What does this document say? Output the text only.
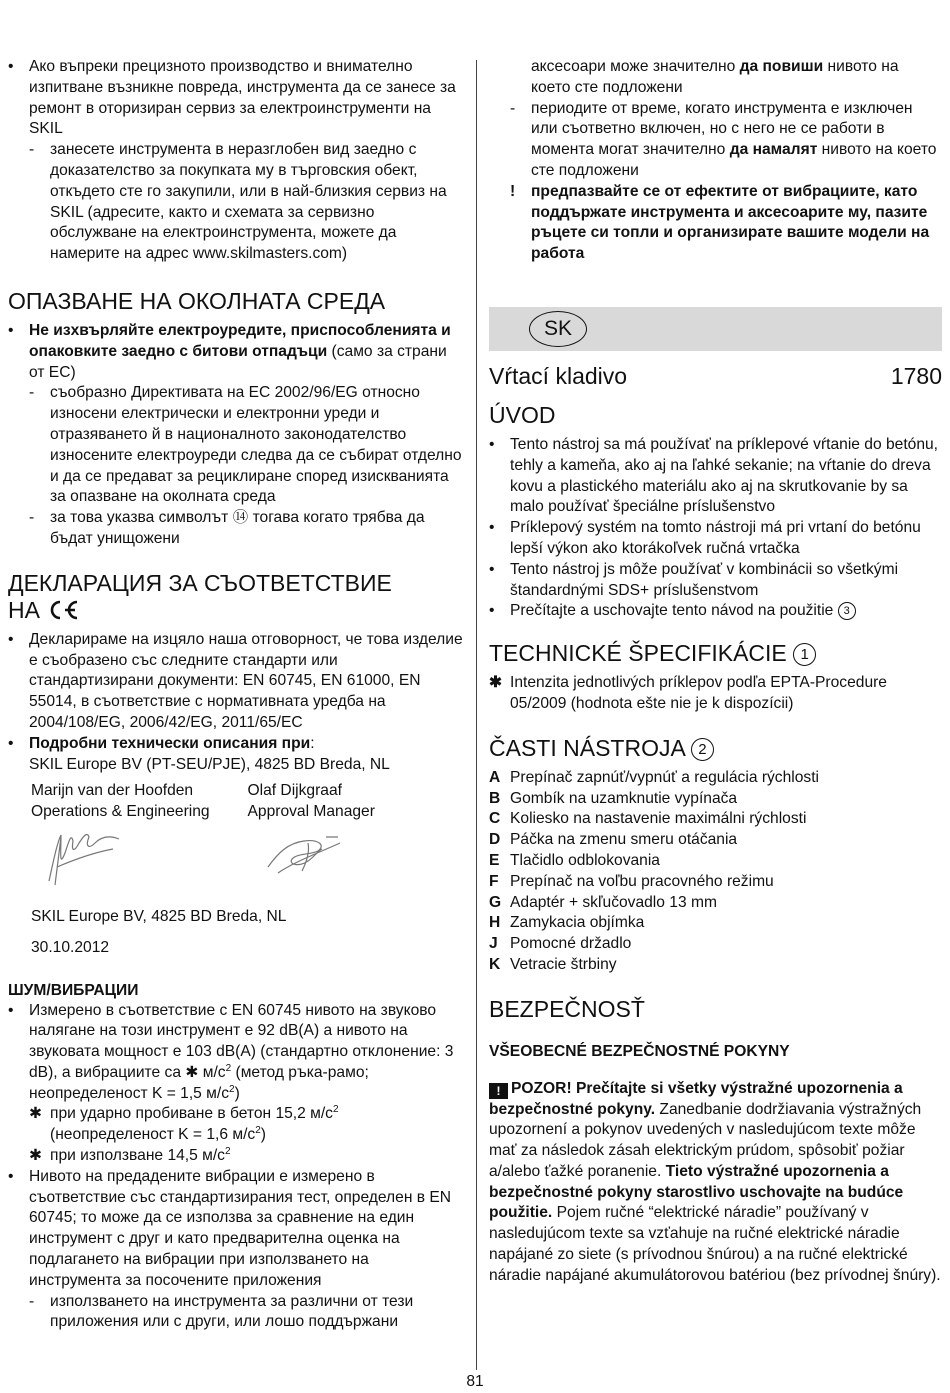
• Ако въпреки прецизното производство и внимателно изпитване възникне повреда, инструмента да се занесе за ремонт в оторизиран сервиз за електроинструменти на SKIL

- занесете инструмента в неразглобен вид заедно с доказателство за покупката му в търговския обект, откъдето сте го закупили, или в най-близкия сервиз на SKIL (адресите, както и схемата за сервизно обслужване на електроинструмента, можете да намерите на адрес www.skilmasters.com)

ОПАЗВАНЕ НА ОКОЛНАТА СРЕДА
• Не изхвърляйте електроуредите, приспособленията и опаковките заедно с битови отпадъци (само за страни от ЕС)

- съобразно Директивата на ЕС 2002/96/EG относно износени електрически и електронни уреди и отразяването й в националното законодателство износените електроуреди следва да се събират отделно и да се предават за рециклиране според изискванията за опазване на околната среда

- за това указва символът ⑭ тогава когато трябва да бъдат унищожени

ДЕКЛАРАЦИЯ ЗА СЪОТВЕТСТВИЕ
НА
• Декларираме на изцяло наша отговорност, че това изделие е съобразено със следните стандарти или стандартизирани документи: EN 60745, EN 61000, EN 55014, в съответствие с нормативната уредба на 2004/108/EG, 2006/42/EG, 2011/65/EC

• Подробни технически описания при:
SKIL Europe BV (PT-SEU/PJE), 4825 BD Breda, NL

Marijn van der Hoofden

Operations & Engineering

Olaf Dijkgraaf

Approval Manager

SKIL Europe BV, 4825 BD Breda, NL

30.10.2012

ШУМ/ВИБРАЦИИ
• Измерено в съответствие с EN 60745 нивото на звуково налягане на този инструмент е 92 dB(A) а нивото на звуковата мощност е 103 dB(A) (стандартно отклонение: 3 dB), а вибрациите са ✱ $м/с^2$ (метод ръка-рамо; неопределеност K = 1,5 $м/с^2$)

✱ при ударно пробиване в бетон 15,2 $м/с^2$
(неопределеност K = 1,6 $м/с^2$)

✱ при използване 14,5 $м/с^2$

• Нивото на предадените вибрации е измерено в съответствие със стандартизирания тест, определен в EN 60745; то може да се използва за сравнение на един инструмент с друг и като предварителна оценка на подлагането на вибрации при използването на инструмента за посочените приложения

- използването на инструмента за различни от тези приложения или с други, или лошо поддържани

аксесоари може значително да повиши нивото на което сте подложени

- периодите от време, когато инструмента е изключен или съответно включен, но с него не се работи в момента могат значително да намалят нивото на което сте подложени

! предпазвайте се от ефектите от вибрациите, като поддържате инструмента и аксесоарите му, пазите ръцете си топли и организирате вашите модели на работа

SK
Vŕtací kladivo	1780
ÚVOD
• Tento nástroj sa má používať na príklepové vŕtanie do betónu, tehly a kameňa, ako aj na ľahké sekanie; na vŕtanie do dreva kovu a plastického materiálu ako aj na skrutkovanie by sa malo používať špeciálne príslušenstvo

• Príklepový systém na tomto nástroji má pri vrtaní do betónu lepší výkon ako ktorákoľvek ručná vrtačka

• Tento nástroj js môže používať v kombinácii so všetkými štandardnými SDS+ príslušenstvom

• Prečítajte a uschovajte tento návod na použitie 3

TECHNICKÉ ŠPECIFIKÁCIE 1
✱ Intenzita jednotlivých príklepov podľa EPTA-Procedure 05/2009 (hodnota ešte nie je k dispozícii)

ČASTI NÁSTROJA 2
A Prepínač zapnúť/vypnúť a regulácia rýchlosti

B Gombík na uzamknutie vypínača

C Koliesko na nastavenie maximálni rýchlosti

D Páčka na zmenu smeru otáčania

E Tlačidlo odblokovania

F Prepínač na voľbu pracovného režimu

G Adaptér + skľučovadlo 13 mm

H Zamykacia objímka

J Pomocné držadlo

K Vetracie štrbiny

BEZPEČNOSŤ
VŠEOBECNÉ BEZPEČNOSTNÉ POKYNY

! POZOR! Prečítajte si všetky výstražné upozornenia a bezpečnostné pokyny. Zanedbanie dodržiavania výstražných upozornení a pokynov uvedených v nasledujúcom texte môže mať za následok zásah elektrickým prúdom, spôsobiť požiar a/alebo ťažké poranenie. Tieto výstražné upozornenia a bezpečnostné pokyny starostlivo uschovajte na budúce použitie. Pojem ručné “elektrické náradie” používaný v nasledujúcom texte sa vzťahuje na ručné elektrické náradie napájané zo siete (s prívodnou šnúrou) a na ručné elektrické náradie napájané akumulátorovou batériou (bez prívodnej šnúry).

81
